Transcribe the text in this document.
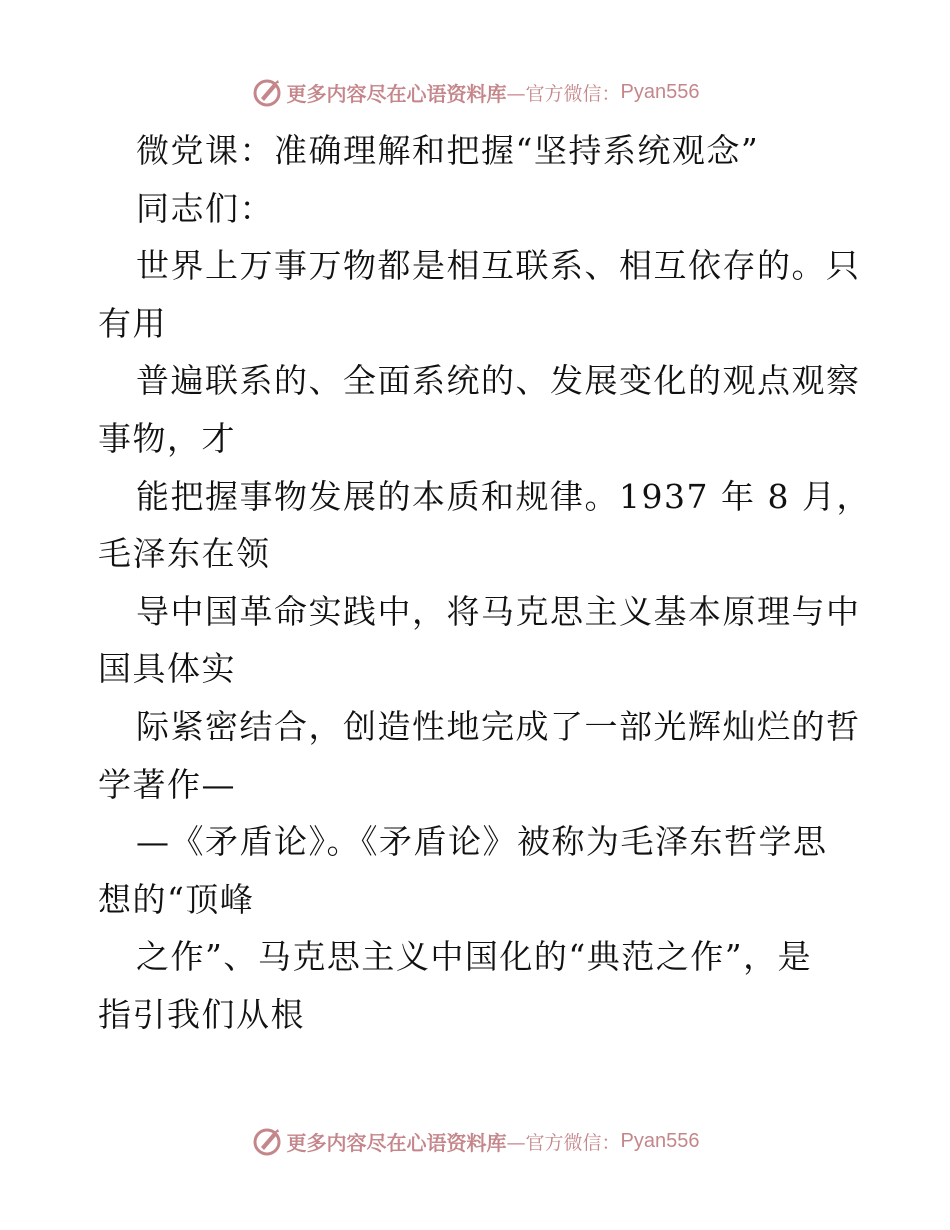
更多内容尽在心语资料库 —官方微信： Pyan556
微党课：准确理解和把握“坚持系统观念”
同志们：
世界上万事万物都是相互联系、相互依存的。只
有用
普遍联系的、全面系统的、发展变化的观点观察
事物，才
能把握事物发展的本质和规律。1937 年 8 月，
毛泽东在领
导中国革命实践中，将马克思主义基本原理与中
国具体实
际紧密结合，创造性地完成了一部光辉灿烂的哲
学著作—
—《矛盾论》。《矛盾论》被称为毛泽东哲学思
想的“顶峰
之作”、马克思主义中国化的“典范之作”，是
指引我们从根
更多内容尽在心语资料库 —官方微信： Pyan556
